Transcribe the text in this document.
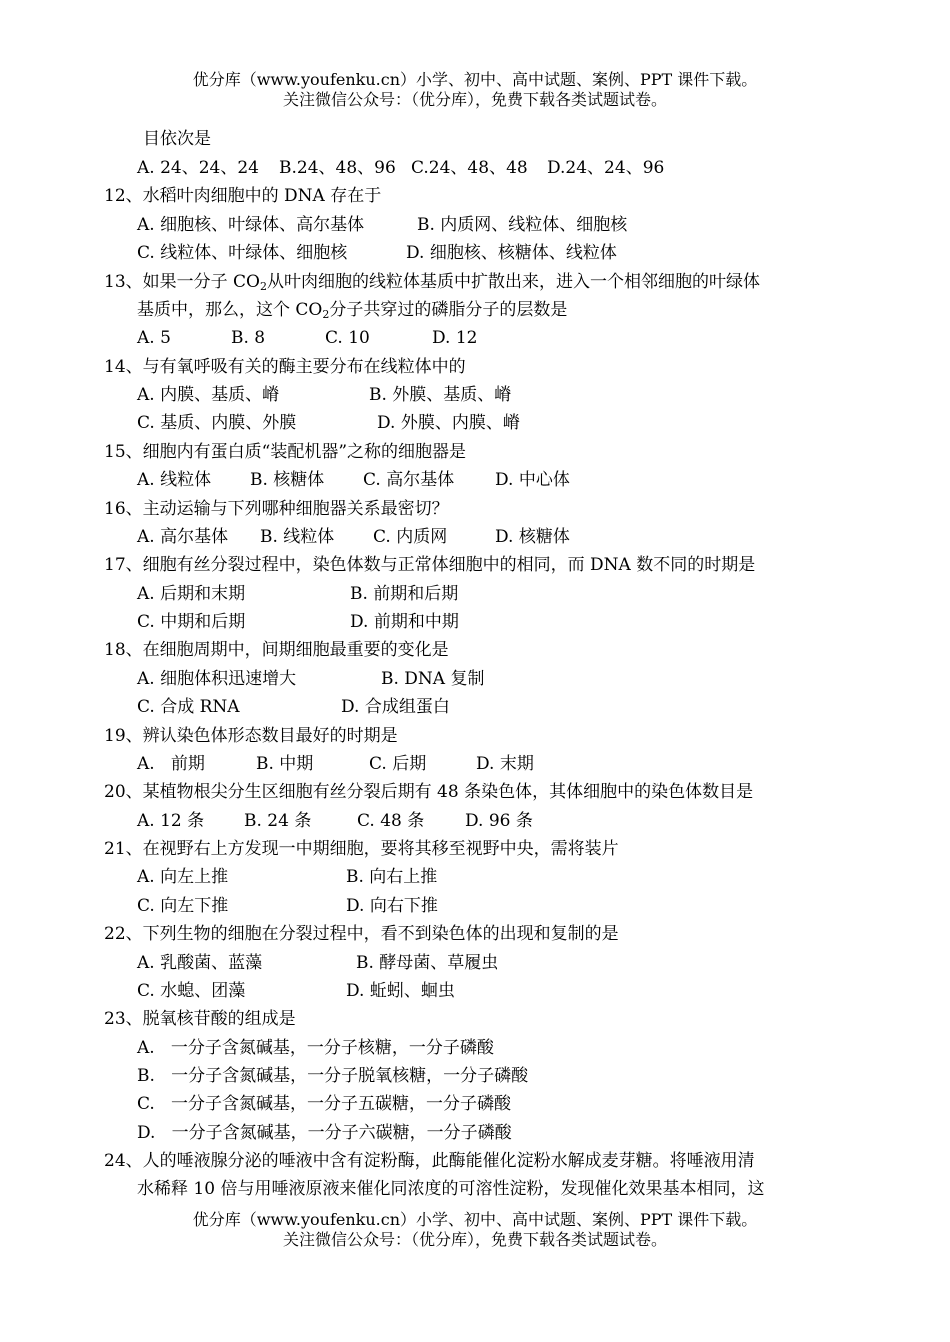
优分库（www.youfenku.cn）小学、初中、高中试题、案例、PPT 课件下载。
关注微信公众号：（优分库），免费下载各类试题试卷。
目依次是
A. 24、24、24 B.24、48、96 C.24、48、48 D.24、24、96
12、水稻叶肉细胞中的 DNA 存在于
A. 细胞核、叶绿体、高尔基体	B. 内质网、线粒体、细胞核
C. 线粒体、叶绿体、细胞核	D. 细胞核、核糖体、线粒体
13、如果一分子 $CO_2$从叶肉细胞的线粒体基质中扩散出来，进入一个相邻细胞的叶绿体
基质中，那么，这个 $CO_2$分子共穿过的磷脂分子的层数是
A. 5	B. 8	C. 10	D. 12
14、与有氧呼吸有关的酶主要分布在线粒体中的
A. 内膜、基质、嵴	B. 外膜、基质、嵴
C. 基质、内膜、外膜	D. 外膜、内膜、嵴
15、细胞内有蛋白质“装配机器”之称的细胞器是
A. 线粒体 B. 核糖体 C. 高尔基体 D. 中心体
16、主动运输与下列哪种细胞器关系最密切？
A. 高尔基体 B. 线粒体 C. 内质网	D. 核糖体
17、细胞有丝分裂过程中，染色体数与正常体细胞中的相同，而 DNA 数不同的时期是
A. 后期和末期	B. 前期和后期
C. 中期和后期	D. 前期和中期
18、在细胞周期中，间期细胞最重要的变化是
A. 细胞体积迅速增大	B. DNA 复制
C. 合成 RNA	D. 合成组蛋白
19、辨认染色体形态数目最好的时期是
A.   前期	B. 中期	C. 后期	D. 末期
20、某植物根尖分生区细胞有丝分裂后期有 48 条染色体，其体细胞中的染色体数目是
A. 12 条 B. 24 条	C. 48 条 D. 96 条
21、在视野右上方发现一中期细胞，要将其移至视野中央，需将装片
A. 向左上推	B. 向右上推
C. 向左下推	D. 向右下推
22、下列生物的细胞在分裂过程中，看不到染色体的出现和复制的是
A. 乳酸菌、蓝藻	B. 酵母菌、草履虫
C. 水螅、团藻	D. 蚯蚓、蛔虫
23、脱氧核苷酸的组成是
A.   一分子含氮碱基，一分子核糖，一分子磷酸
B.   一分子含氮碱基，一分子脱氧核糖，一分子磷酸
C.   一分子含氮碱基，一分子五碳糖，一分子磷酸
D.   一分子含氮碱基，一分子六碳糖，一分子磷酸
24、人的唾液腺分泌的唾液中含有淀粉酶，此酶能催化淀粉水解成麦芽糖。将唾液用清
水稀释 10 倍与用唾液原液来催化同浓度的可溶性淀粉，发现催化效果基本相同，这
优分库（www.youfenku.cn）小学、初中、高中试题、案例、PPT 课件下载。
关注微信公众号：（优分库），免费下载各类试题试卷。
